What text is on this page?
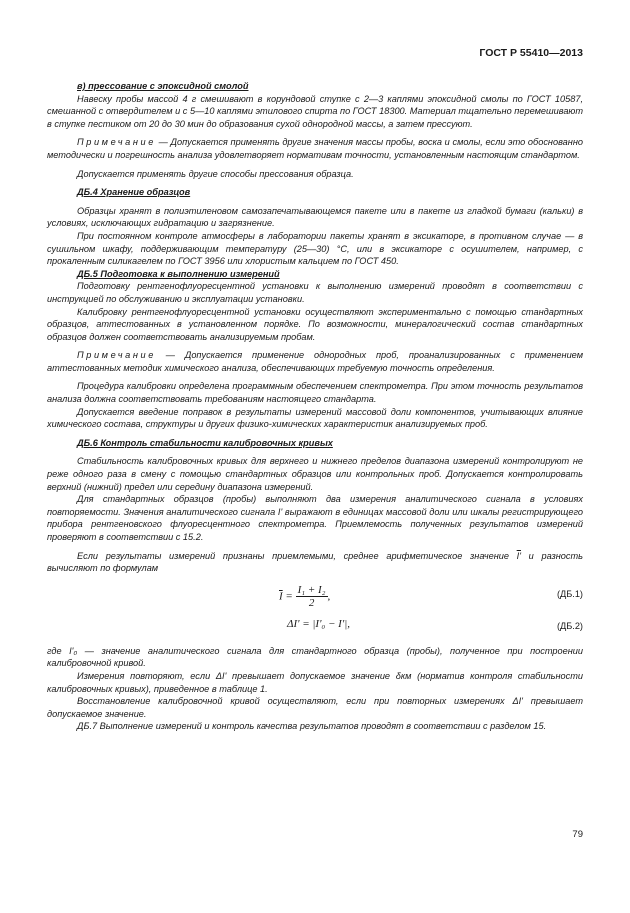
ГОСТ Р 55410—2013

в) прессование с эпоксидной смолой

Навеску пробы массой 4 г смешивают в корундовой ступке с 2—3 каплями эпоксидной смолы по ГОСТ 10587, смешанной с отвердителем и с 5—10 каплями этилового спирта по ГОСТ 18300. Материал тщательно перемешивают в ступке пестиком от 20 до 30 мин до образования сухой однородной массы, а затем прессуют.

Примечание — Допускается применять другие значения массы пробы, воска и смолы, если это обоснованно методически и погрешность анализа удовлетворяет нормативам точности, установленным настоящим стандартом.

Допускается применять другие способы прессования образца.

ДБ.4 Хранение образцов

Образцы хранят в полиэтиленовом самозапечатывающемся пакете или в пакете из гладкой бумаги (кальки) в условиях, исключающих гидратацию и загрязнение.

При постоянном контроле атмосферы в лаборатории пакеты хранят в эксикаторе, в противном случае — в сушильном шкафу, поддерживающим температуру (25—30) °С, или в эксикаторе с осушителем, например, с прокаленным силикагелем по ГОСТ 3956 или хлористым кальцием по ГОСТ 450.

ДБ.5 Подготовка к выполнению измерений

Подготовку рентгенофлуоресцентной установки к выполнению измерений проводят в соответствии с инструкцией по обслуживанию и эксплуатации установки.

Калибровку рентгенофлуоресцентной установки осуществляют экспериментально с помощью стандартных образцов, аттестованных в установленном порядке. По возможности, минералогический состав стандартных образцов должен соответствовать анализируемым пробам.

Примечание — Допускается применение однородных проб, проанализированных с применением аттестованных методик химического анализа, обеспечивающих требуемую точность определения.

Процедура калибровки определена программным обеспечением спектрометра. При этом точность результатов анализа должна соответствовать требованиям настоящего стандарта.

Допускается введение поправок в результаты измерений массовой доли компонентов, учитывающих влияние химического состава, структуры и других физико-химических характеристик анализируемых проб.

ДБ.6 Контроль стабильности калибровочных кривых

Стабильность калибровочных кривых для верхнего и нижнего пределов диапазона измерений контролируют не реже одного раза в смену с помощью стандартных образцов или контрольных проб. Допускается контролировать верхний (нижний) предел или середину диапазона измерений.

Для стандартных образцов (пробы) выполняют два измерения аналитического сигнала в условиях повторяемости. Значения аналитического сигнала I' выражают в единицах массовой доли или шкалы регистрирующего прибора рентгеновского флуоресцентного спектрометра. Приемлемость полученных результатов измерений проверяют в соответствии с 15.2.

Если результаты измерений признаны приемлемыми, среднее арифметическое значение I' и разность вычисляют по формулам

$\overline{I} = \frac{\text{I₁ + I₂}}{2}$ ,	(ДБ.1)
ΔI' = |I'₀ − I'|,	(ДБ.2)

где I'₀ — значение аналитического сигнала для стандартного образца (пробы), полученное при построении калибровочной кривой.

Измерения повторяют, если ΔI' превышает допускаемое значение δкм (норматив контроля стабильности калибровочных кривых), приведенное в таблице 1.

Восстановление калибровочной кривой осуществляют, если при повторных измерениях ΔI' превышает допускаемое значение.

ДБ.7 Выполнение измерений и контроль качества результатов проводят в соответствии с разделом 15.

79
